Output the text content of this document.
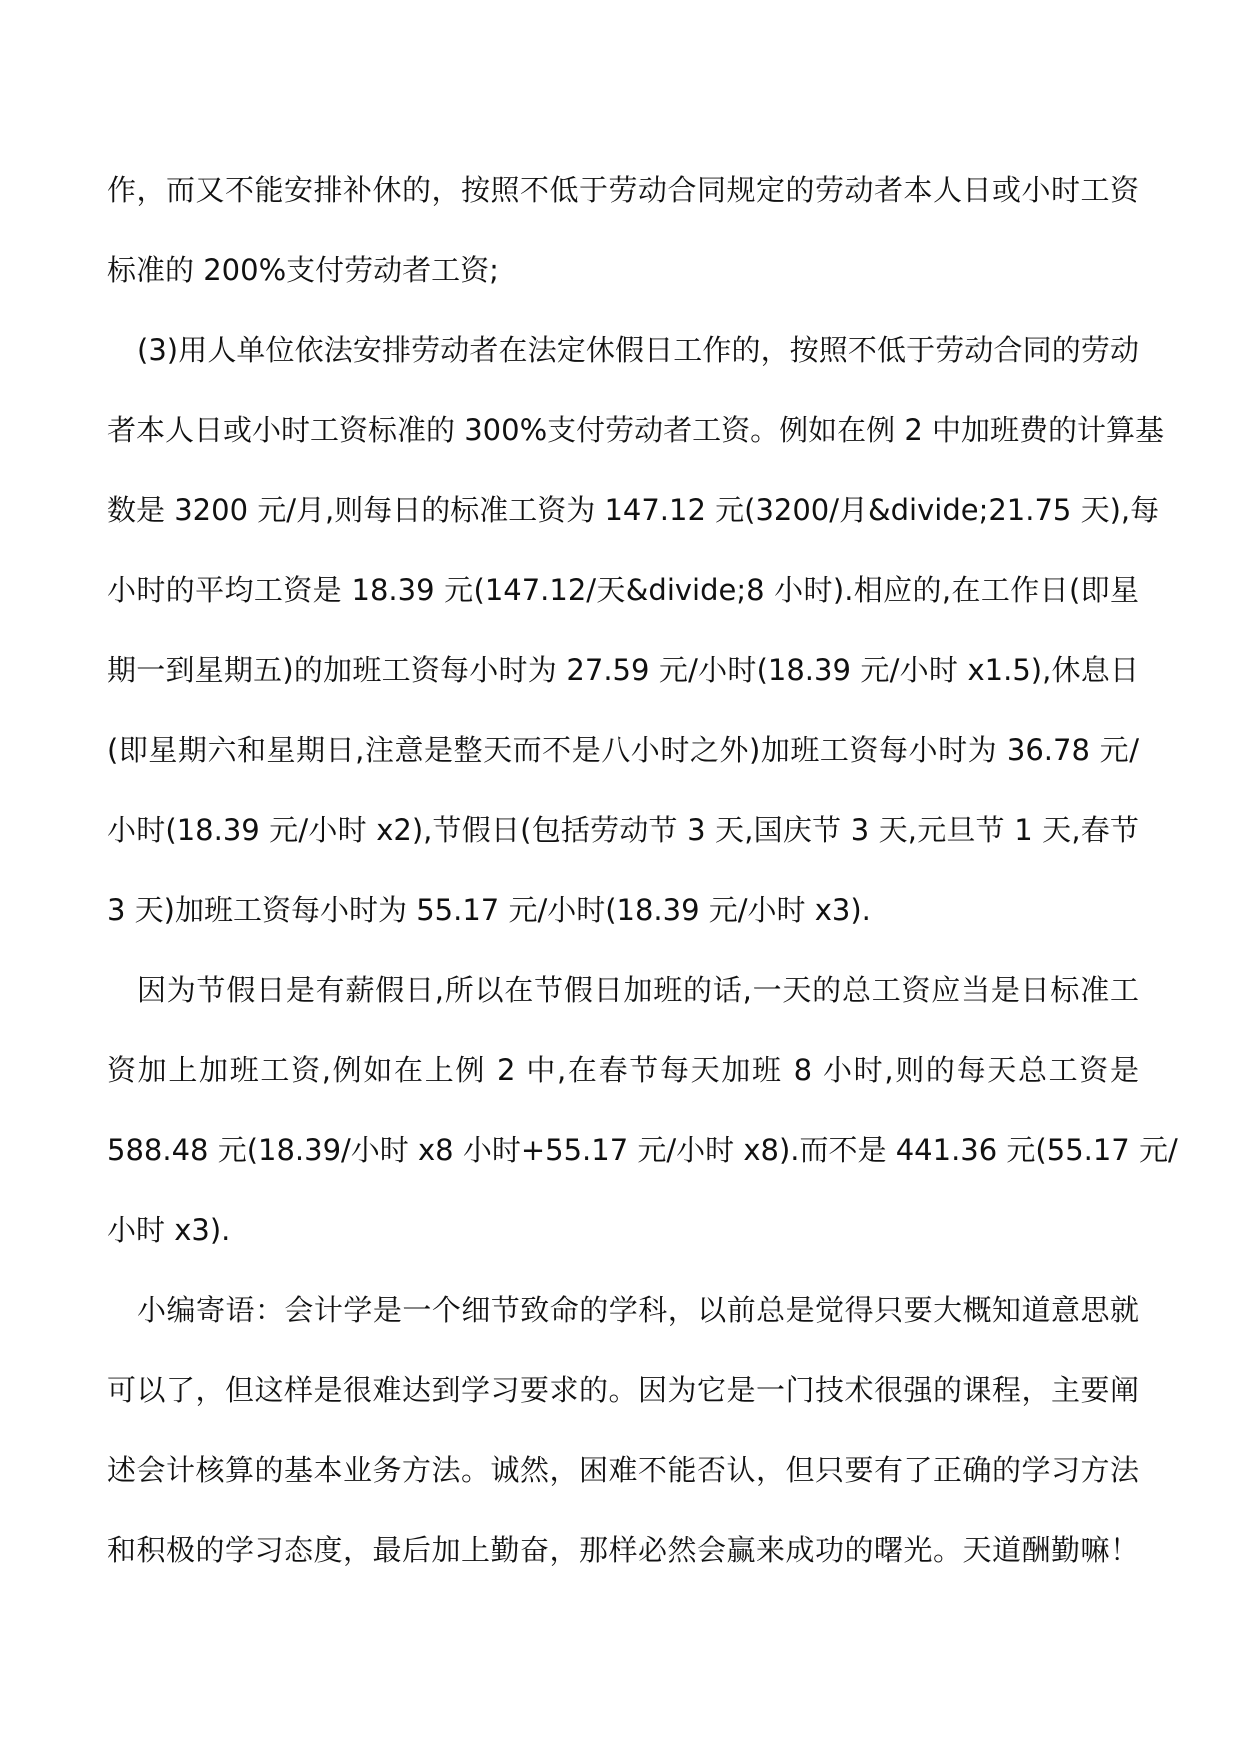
作，而又不能安排补休的，按照不低于劳动合同规定的劳动者本人日或小时工资
标准的 200%支付劳动者工资;
(3)用人单位依法安排劳动者在法定休假日工作的，按照不低于劳动合同的劳动
者本人日或小时工资标准的 300%支付劳动者工资。例如在例 2 中加班费的计算基
数是 3200 元/月,则每日的标准工资为 147.12 元(3200/月&divide;21.75 天),每
小时的平均工资是 18.39 元(147.12/天&divide;8 小时).相应的,在工作日(即星
期一到星期五)的加班工资每小时为 27.59 元/小时(18.39 元/小时 x1.5),休息日
(即星期六和星期日,注意是整天而不是八小时之外)加班工资每小时为 36.78 元/
小时(18.39 元/小时 x2),节假日(包括劳动节 3 天,国庆节 3 天,元旦节 1 天,春节
3 天)加班工资每小时为 55.17 元/小时(18.39 元/小时 x3).
因为节假日是有薪假日,所以在节假日加班的话,一天的总工资应当是日标准工
资加上加班工资,例如在上例 2 中,在春节每天加班 8 小时,则的每天总工资是
588.48 元(18.39/小时 x8 小时+55.17 元/小时 x8).而不是 441.36 元(55.17 元/
小时 x3).
小编寄语：会计学是一个细节致命的学科，以前总是觉得只要大概知道意思就
可以了，但这样是很难达到学习要求的。因为它是一门技术很强的课程，主要阐
述会计核算的基本业务方法。诚然，困难不能否认，但只要有了正确的学习方法
和积极的学习态度，最后加上勤奋，那样必然会赢来成功的曙光。天道酬勤嘛！
